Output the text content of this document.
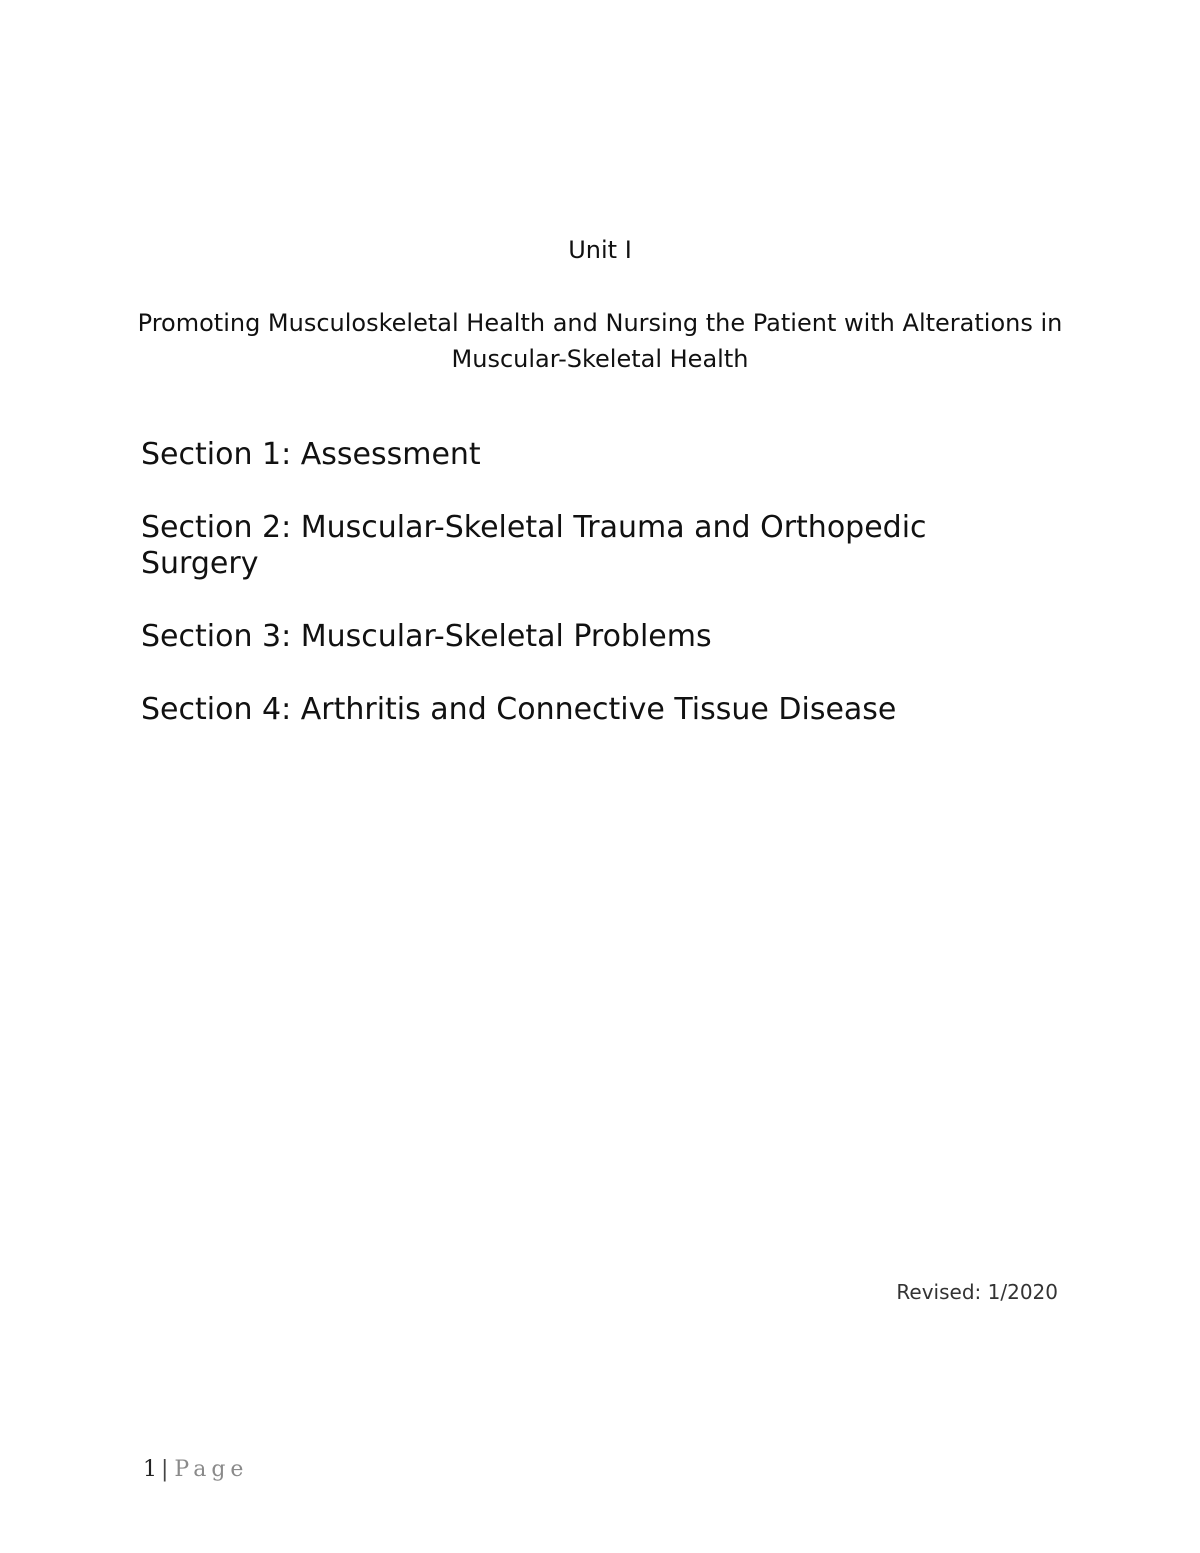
Unit I
Promoting Musculoskeletal Health and Nursing the Patient with Alterations in Muscular-Skeletal Health
Section 1: Assessment
Section 2: Muscular-Skeletal Trauma and Orthopedic Surgery
Section 3: Muscular-Skeletal Problems
Section 4: Arthritis and Connective Tissue Disease
Revised: 1/2020
1 | Page
